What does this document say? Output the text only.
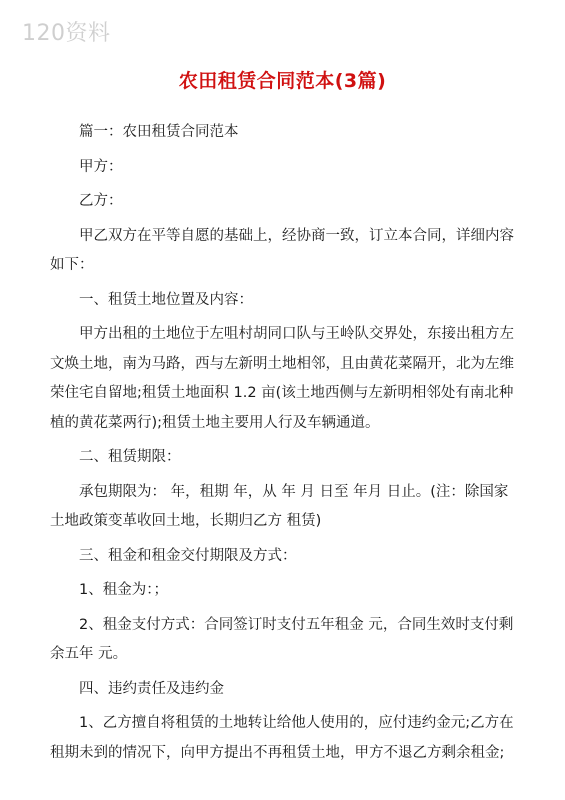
120资料
农田租赁合同范本(3篇)

篇一：农田租赁合同范本

甲方：

乙方：

甲乙双方在平等自愿的基础上，经协商一致，订立本合同，详细内容如下：

一、租赁土地位置及内容：

甲方出租的土地位于左咀村胡同口队与王岭队交界处，东接出租方左文焕土地，南为马路，西与左新明土地相邻，且由黄花菜隔开，北为左维荣住宅自留地;租赁土地面积 1.2 亩(该土地西侧与左新明相邻处有南北种植的黄花菜两行);租赁土地主要用人行及车辆通道。

二、租赁期限：

承包期限为： 年，租期 年，从 年 月 日至 年月 日止。(注：除国家土地政策变革收回土地，长期归乙方 租赁)

三、租金和租金交付期限及方式：

1、租金为：；

2、租金支付方式：合同签订时支付五年租金 元，合同生效时支付剩余五年 元。

四、违约责任及违约金

1、乙方擅自将租赁的土地转让给他人使用的，应付违约金元;乙方在租期未到的情况下，向甲方提出不再租赁土地，甲方不退乙方剩余租金;
